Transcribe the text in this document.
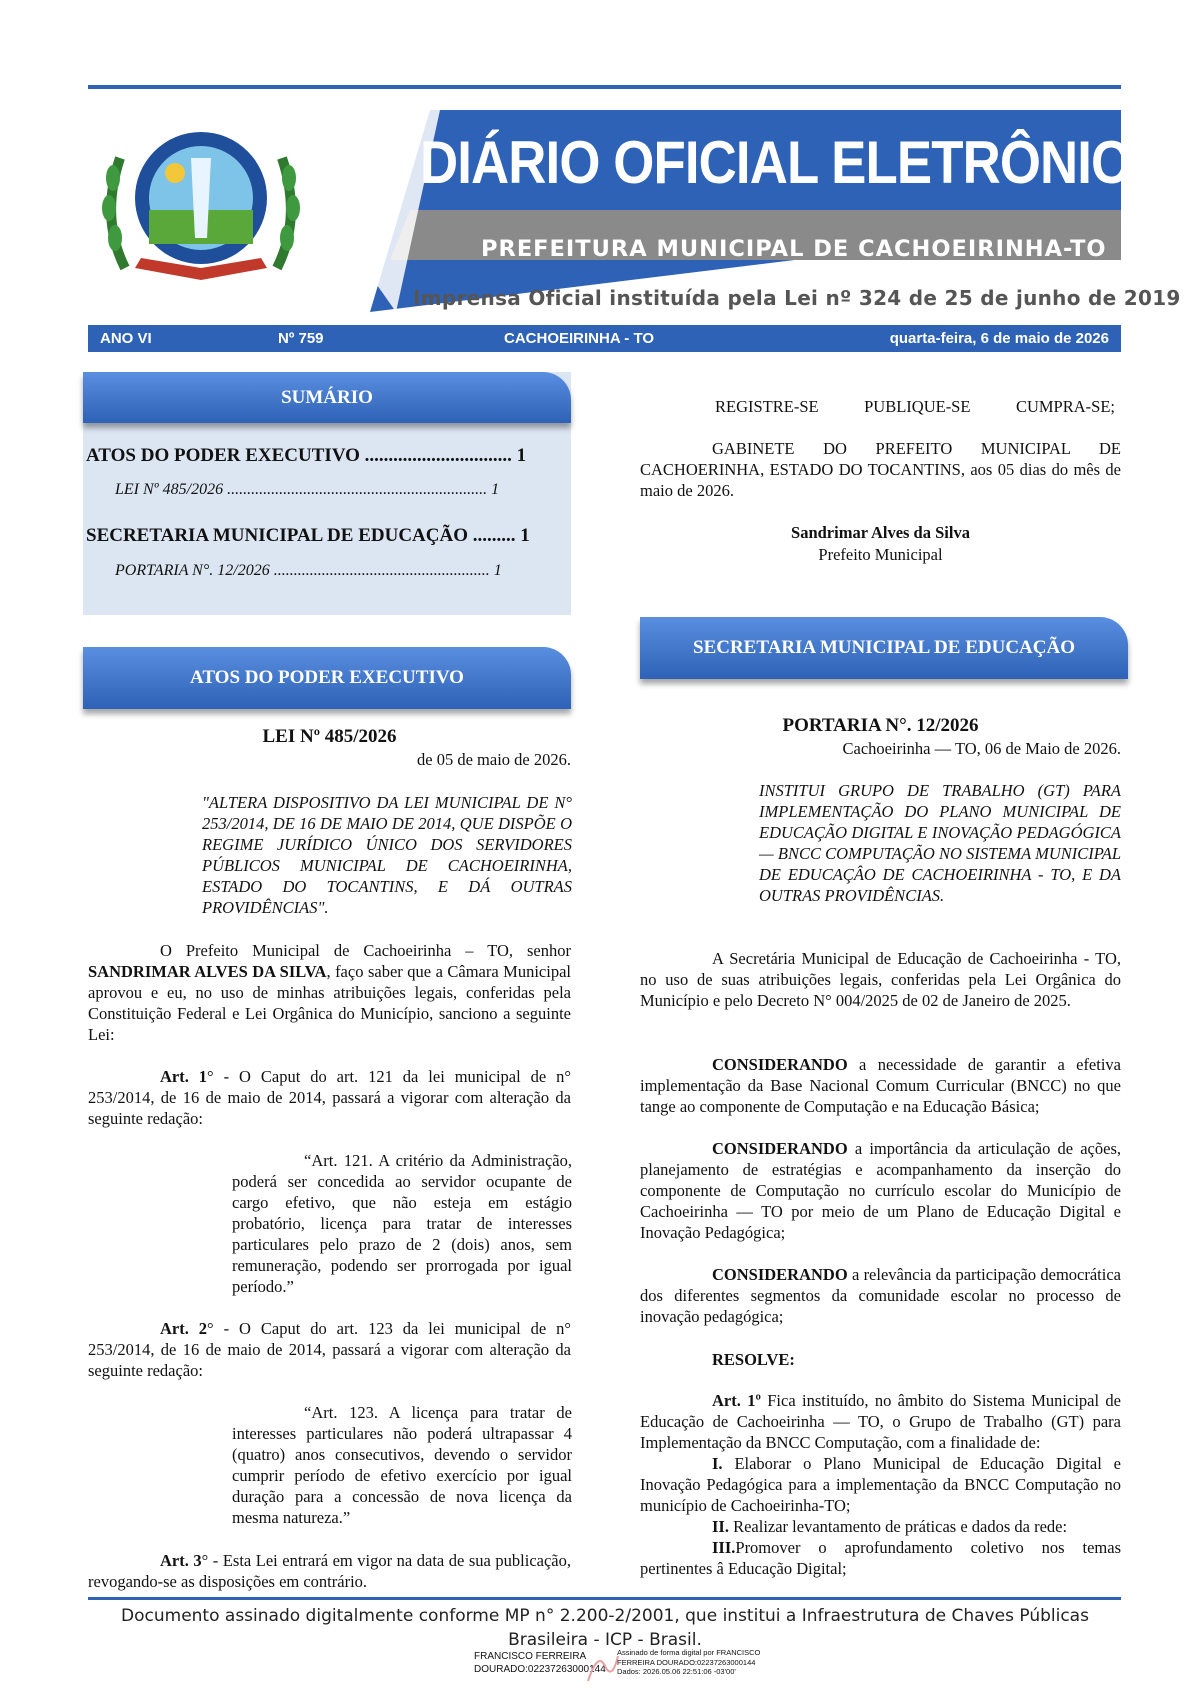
DIÁRIO OFICIAL ELETRÔNICO
PREFEITURA MUNICIPAL DE CACHOEIRINHA-TO
Imprensa Oficial instituída pela Lei nº 324 de 25 de junho de 2019
ANO VI	Nº 759	CACHOEIRINHA - TO	quarta-feira, 6 de maio de 2026
ATOS DO PODER EXECUTIVO ............................... 1
LEI Nº 485/2026 ................................................................. 1
SECRETARIA MUNICIPAL DE EDUCAÇÃO ......... 1
PORTARIA N°. 12/2026 ...................................................... 1
SUMÁRIO
ATOS DO PODER EXECUTIVO
LEI Nº 485/2026
de 05 de maio de 2026.
"ALTERA DISPOSITIVO DA LEI MUNICIPAL DE N° 253/2014, DE 16 DE MAIO DE 2014, QUE DISPÕE O REGIME JURÍDICO ÚNICO DOS SERVIDORES PÚBLICOS MUNICIPAL DE CACHOEIRINHA, ESTADO DO TOCANTINS, E DÁ OUTRAS PROVIDÊNCIAS".
O Prefeito Municipal de Cachoeirinha – TO, senhor SANDRIMAR ALVES DA SILVA, faço saber que a Câmara Municipal aprovou e eu, no uso de minhas atribuições legais, conferidas pela Constituição Federal e Lei Orgânica do Município, sanciono a seguinte Lei:
Art. 1° - O Caput do art. 121 da lei municipal de n° 253/2014, de 16 de maio de 2014, passará a vigorar com alteração da seguinte redação:
“Art. 121. A critério da Administração, poderá ser concedida ao servidor ocupante de cargo efetivo, que não esteja em estágio probatório, licença para tratar de interesses particulares pelo prazo de 2 (dois) anos, sem remuneração, podendo ser prorrogada por igual período.”
Art. 2° - O Caput do art. 123 da lei municipal de n° 253/2014, de 16 de maio de 2014, passará a vigorar com alteração da seguinte redação:
“Art. 123. A licença para tratar de interesses particulares não poderá ultrapassar 4 (quatro) anos consecutivos, devendo o servidor cumprir período de efetivo exercício por igual duração para a concessão de nova licença da mesma natureza.”
Art. 3° - Esta Lei entrará em vigor na data de sua publicação, revogando-se as disposições em contrário.
REGISTRE-SE PUBLIQUE-SE CUMPRA-SE;
GABINETE DO PREFEITO MUNICIPAL DE CACHOERINHA, ESTADO DO TOCANTINS, aos 05 dias do mês de maio de 2026.
Sandrimar Alves da Silva
Prefeito Municipal
SECRETARIA MUNICIPAL DE EDUCAÇÃO
PORTARIA N°. 12/2026
Cachoeirinha — TO, 06 de Maio de 2026.
INSTITUI GRUPO DE TRABALHO (GT) PARA IMPLEMENTAÇÃO DO PLANO MUNICIPAL DE EDUCAÇÃO DIGITAL E INOVAÇÃO PEDAGÓGICA — BNCC COMPUTAÇÃO NO SISTEMA MUNICIPAL DE EDUCAÇÂO DE CACHOEIRINHA - TO, E DA OUTRAS PROVIDÊNCIAS.
A Secretária Municipal de Educação de Cachoeirinha - TO, no uso de suas atribuições legais, conferidas pela Lei Orgânica do Município e pelo Decreto N° 004/2025 de 02 de Janeiro de 2025.
CONSIDERANDO a necessidade de garantir a efetiva implementação da Base Nacional Comum Curricular (BNCC) no que tange ao componente de Computação e na Educação Básica;
CONSIDERANDO a importância da articulação de ações, planejamento de estratégias e acompanhamento da inserção do componente de Computação no currículo escolar do Município de Cachoeirinha — TO por meio de um Plano de Educação Digital e Inovação Pedagógica;
CONSIDERANDO a relevância da participação democrática dos diferentes segmentos da comunidade escolar no processo de inovação pedagógica;
RESOLVE:
Art. 1º Fica instituído, no âmbito do Sistema Municipal de Educação de Cachoeirinha — TO, o Grupo de Trabalho (GT) para Implementação da BNCC Computação, com a finalidade de:
I. Elaborar o Plano Municipal de Educação Digital e Inovação Pedagógica para a implementação da BNCC Computação no município de Cachoeirinha-TO;
II. Realizar levantamento de práticas e dados da rede:
III.Promover o aprofundamento coletivo nos temas pertinentes â Educação Digital;
Documento assinado digitalmente conforme MP n° 2.200-2/2001, que institui a Infraestrutura de Chaves Públicas
Brasileira - ICP - Brasil.
FRANCISCO FERREIRA DOURADO:02237263000144
Assinado de forma digital por FRANCISCO FERREIRA DOURADO:02237263000144 Dados: 2026.05.06 22:51:06 -03'00'
